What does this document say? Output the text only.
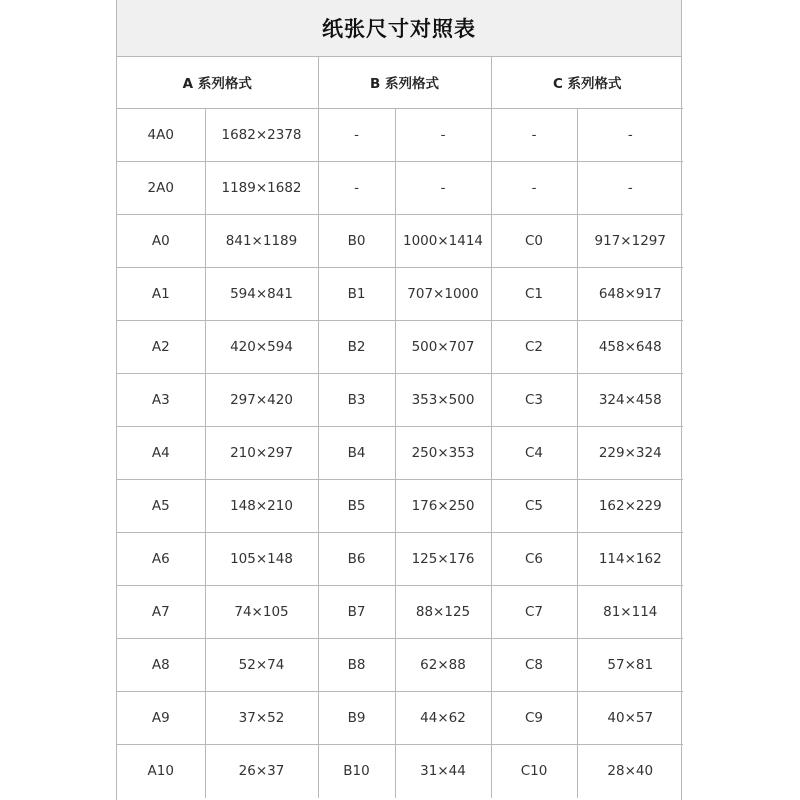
纸张尺寸对照表
A 系列格式		B 系列格式		C 系列格式	
4A0	1682×2378	-	-	-	-
2A0	1189×1682	-	-	-	-
A0	841×1189	B0	1000×1414	C0	917×1297
A1	594×841	B1	707×1000	C1	648×917
A2	420×594	B2	500×707	C2	458×648
A3	297×420	B3	353×500	C3	324×458
A4	210×297	B4	250×353	C4	229×324
A5	148×210	B5	176×250	C5	162×229
A6	105×148	B6	125×176	C6	114×162
A7	74×105	B7	88×125	C7	81×114
A8	52×74	B8	62×88	C8	57×81
A9	37×52	B9	44×62	C9	40×57
A10	26×37	B10	31×44	C10	28×40
